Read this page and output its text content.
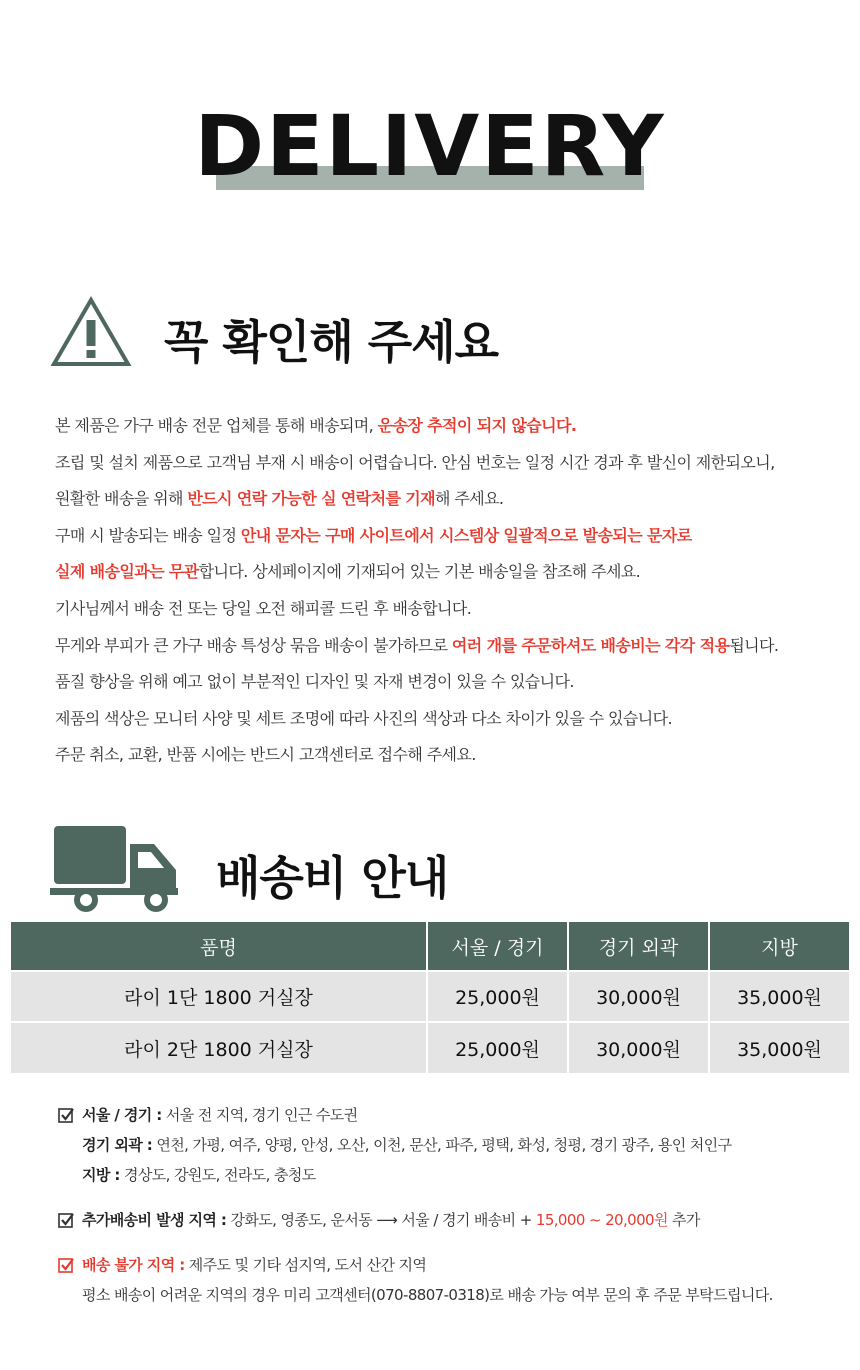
DELIVERY
꼭 확인해 주세요

본 제품은 가구 배송 전문 업체를 통해 배송되며, 운송장 추적이 되지 않습니다.

조립 및 설치 제품으로 고객님 부재 시 배송이 어렵습니다. 안심 번호는 일정 시간 경과 후 발신이 제한되오니,

원활한 배송을 위해 반드시 연락 가능한 실 연락처를 기재해 주세요.

구매 시 발송되는 배송 일정 안내 문자는 구매 사이트에서 시스템상 일괄적으로 발송되는 문자로

실제 배송일과는 무관합니다. 상세페이지에 기재되어 있는 기본 배송일을 참조해 주세요.

기사님께서 배송 전 또는 당일 오전 해피콜 드린 후 배송합니다.

무게와 부피가 큰 가구 배송 특성상 묶음 배송이 불가하므로 여러 개를 주문하셔도 배송비는 각각 적용됩니다.

품질 향상을 위해 예고 없이 부분적인 디자인 및 자재 변경이 있을 수 있습니다.

제품의 색상은 모니터 사양 및 세트 조명에 따라 사진의 색상과 다소 차이가 있을 수 있습니다.

주문 취소, 교환, 반품 시에는 반드시 고객센터로 접수해 주세요.

배송비 안내
품명	서울 / 경기	경기 외곽	지방
라이 1단 1800 거실장	25,000원	30,000원	35,000원
라이 2단 1800 거실장	25,000원	30,000원	35,000원

서울 / 경기 : 서울 전 지역, 경기 인근 수도권

경기 외곽 : 연천, 가평, 여주, 양평, 안성, 오산, 이천, 문산, 파주, 평택, 화성, 청평, 경기 광주, 용인 처인구

지방 : 경상도, 강원도, 전라도, 충청도

추가배송비 발생 지역 : 강화도, 영종도, 운서동 ⟶ 서울 / 경기 배송비 + 15,000 ~ 20,000원 추가

배송 불가 지역 : 제주도 및 기타 섬지역, 도서 산간 지역

평소 배송이 어려운 지역의 경우 미리 고객센터(070-8807-0318)로 배송 가능 여부 문의 후 주문 부탁드립니다.
